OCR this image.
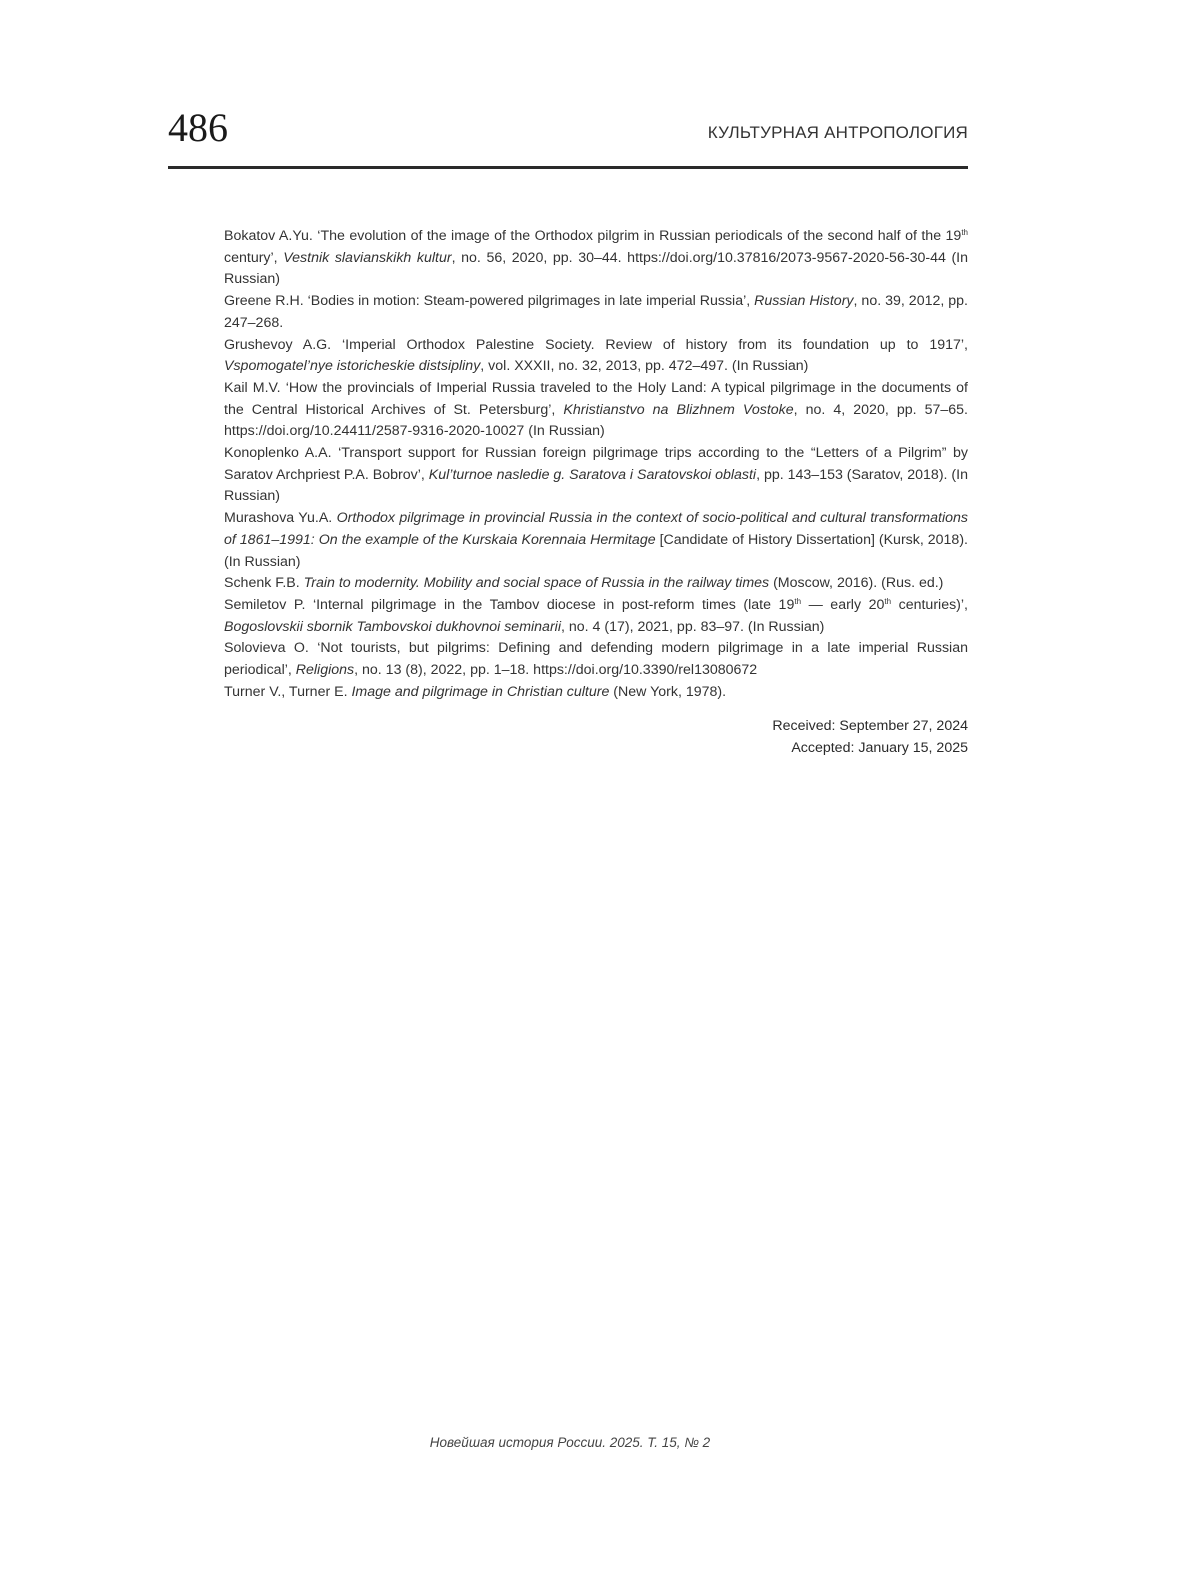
486	КУЛЬТУРНАЯ АНТРОПОЛОГИЯ

Bokatov A.Yu. ‘The evolution of the image of the Orthodox pilgrim in Russian periodicals of the second half of the 19th century’, Vestnik slavianskikh kultur, no. 56, 2020, pp. 30–44. https://doi.org/10.37816/2073-9567-2020-56-30-44 (In Russian)

Greene R.H. ‘Bodies in motion: Steam-powered pilgrimages in late imperial Russia’, Russian History, no. 39, 2012, pp. 247–268.

Grushevoy A.G. ‘Imperial Orthodox Palestine Society. Review of history from its foundation up to 1917’, Vspomogatel’nye istoricheskie distsipliny, vol. XXXII, no. 32, 2013, pp. 472–497. (In Russian)

Kail M.V. ‘How the provincials of Imperial Russia traveled to the Holy Land: A typical pilgrimage in the documents of the Central Historical Archives of St. Petersburg’, Khristianstvo na Blizhnem Vostoke, no. 4, 2020, pp. 57–65. https://doi.org/10.24411/2587-9316-2020-10027 (In Russian)

Konoplenko A.A. ‘Transport support for Russian foreign pilgrimage trips according to the “Letters of a Pilgrim” by Saratov Archpriest P.A. Bobrov’, Kul’turnoe nasledie g. Saratova i Saratovskoi oblasti, pp. 143–153 (Saratov, 2018). (In Russian)

Murashova Yu.A. Orthodox pilgrimage in provincial Russia in the context of socio-political and cultural transformations of 1861–1991: On the example of the Kurskaia Korennaia Hermitage [Candidate of History Dissertation] (Kursk, 2018). (In Russian)

Schenk F.B. Train to modernity. Mobility and social space of Russia in the railway times (Moscow, 2016). (Rus. ed.)

Semiletov P. ‘Internal pilgrimage in the Tambov diocese in post-reform times (late 19th — early 20th centuries)’, Bogoslovskii sbornik Tambovskoi dukhovnoi seminarii, no. 4 (17), 2021, pp. 83–97. (In Russian)

Solovieva O. ‘Not tourists, but pilgrims: Defining and defending modern pilgrimage in a late imperial Russian periodical’, Religions, no. 13 (8), 2022, pp. 1–18. https://doi.org/10.3390/rel13080672

Turner V., Turner E. Image and pilgrimage in Christian culture (New York, 1978).

Received: September 27, 2024
Accepted: January 15, 2025
Новейшая история России. 2025. Т. 15, № 2
